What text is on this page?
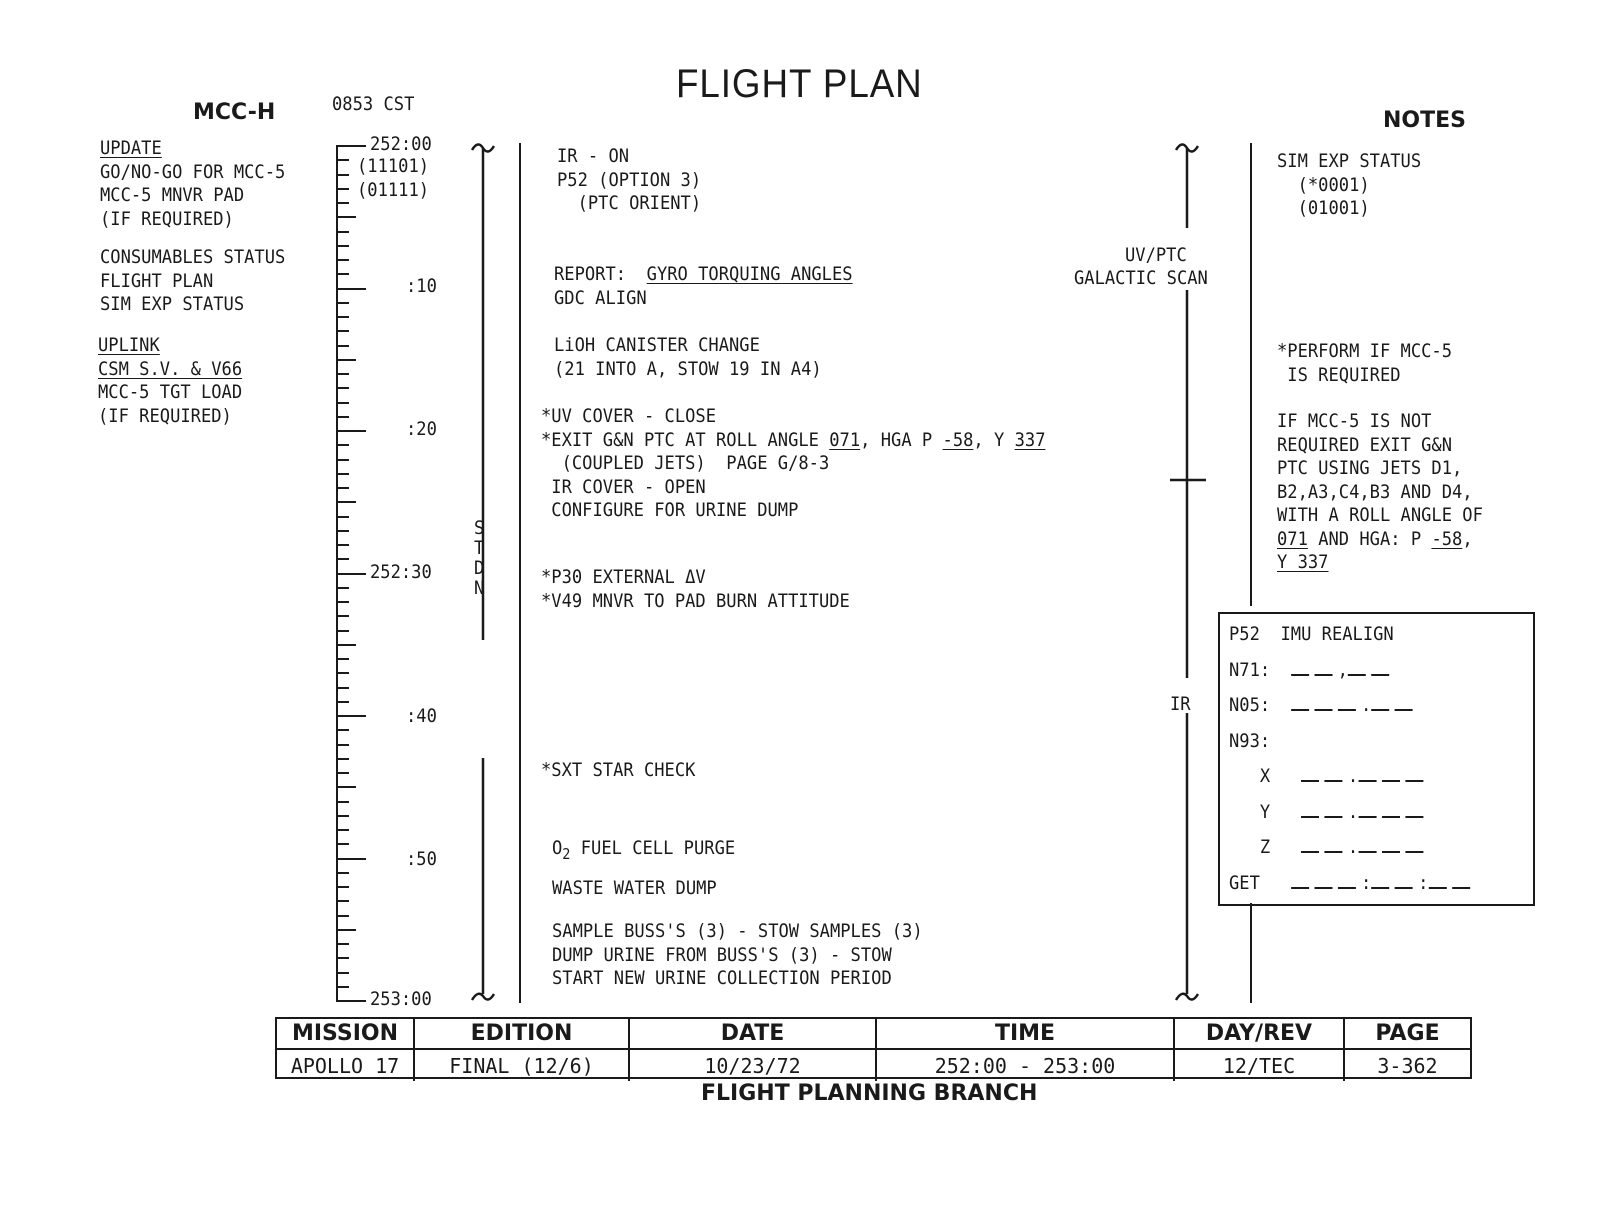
FLIGHT PLAN
MCC-H	0853 CST
NOTES
UPDATE
GO/NO-GO FOR MCC-5
MCC-5 MNVR PAD
(IF REQUIRED)
CONSUMABLES STATUS
FLIGHT PLAN
SIM EXP STATUS
UPLINK
CSM S.V. & V66
MCC-5 TGT LOAD
(IF REQUIRED)
252:00
(11101)
(01111)
:10
:20
252:30
:40
:50
253:00
S
T
D
N
IR - ON
P52 (OPTION 3)
(PTC ORIENT)
REPORT:  GYRO TORQUING ANGLES
GDC ALIGN
LiOH CANISTER CHANGE
(21 INTO A, STOW 19 IN A4)
*UV COVER - CLOSE
*EXIT G&N PTC AT ROLL ANGLE 071, HGA P -58, Y 337
(COUPLED JETS)  PAGE G/8-3
IR COVER - OPEN
CONFIGURE FOR URINE DUMP
*P30 EXTERNAL ΔV
*V49 MNVR TO PAD BURN ATTITUDE
*SXT STAR CHECK
$O_2$ FUEL CELL PURGE
WASTE WATER DUMP
SAMPLE BUSS'S (3) - STOW SAMPLES (3)
DUMP URINE FROM BUSS'S (3) - STOW
START NEW URINE COLLECTION PERIOD
UV/PTC
GALACTIC SCAN
IR
SIM EXP STATUS
(*0001)
(01001)
*PERFORM IF MCC-5
IS REQUIRED
IF MCC-5 IS NOT
REQUIRED EXIT G&N
PTC USING JETS D1,
B2,A3,C4,B3 AND D4,
WITH A ROLL ANGLE OF
071 AND HGA: P -58,
Y 337
P52  IMU REALIGN
N71:	,
N05:	.
N93:
X	.
Y	.
Z	.
GET	: :
MISSION	EDITION	DATE	TIME	DAY/REV	PAGE
APOLLO 17	FINAL (12/6)	10/23/72	252:00 - 253:00	12/TEC	3-362
FLIGHT PLANNING BRANCH
